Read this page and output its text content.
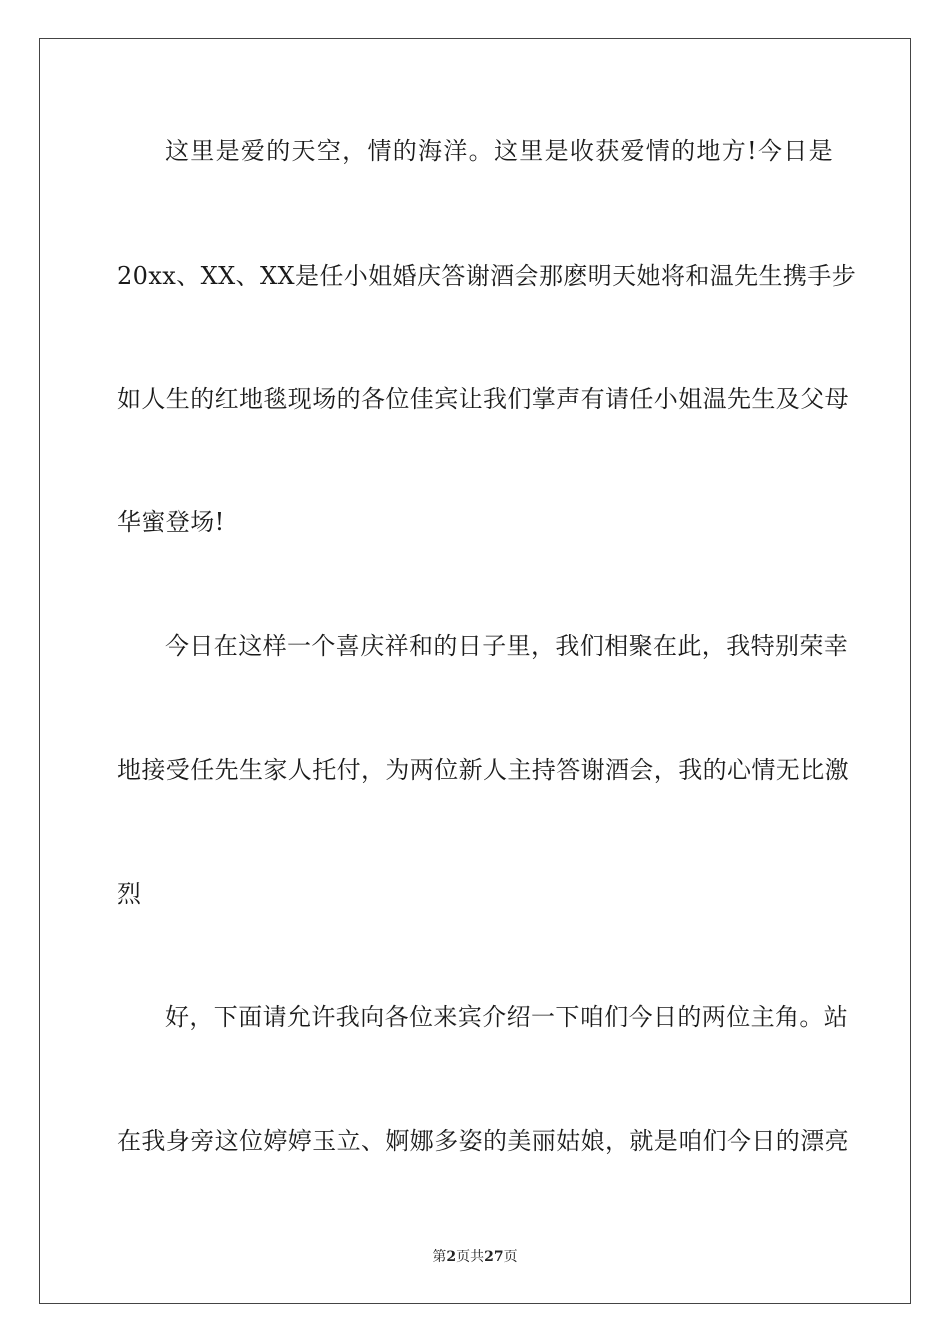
这里是爱的天空，情的海洋。这里是收获爱情的地方!今日是
20xx、XX、XX是任小姐婚庆答谢酒会那麽明天她将和温先生携手步
如人生的红地毯现场的各位佳宾让我们掌声有请任小姐温先生及父母
华蜜登场!
今日在这样一个喜庆祥和的日子里，我们相聚在此，我特别荣幸
地接受任先生家人托付，为两位新人主持答谢酒会，我的心情无比激
烈
好，下面请允许我向各位来宾介绍一下咱们今日的两位主角。站
在我身旁这位婷婷玉立、婀娜多姿的美丽姑娘，就是咱们今日的漂亮
第2页共27页
